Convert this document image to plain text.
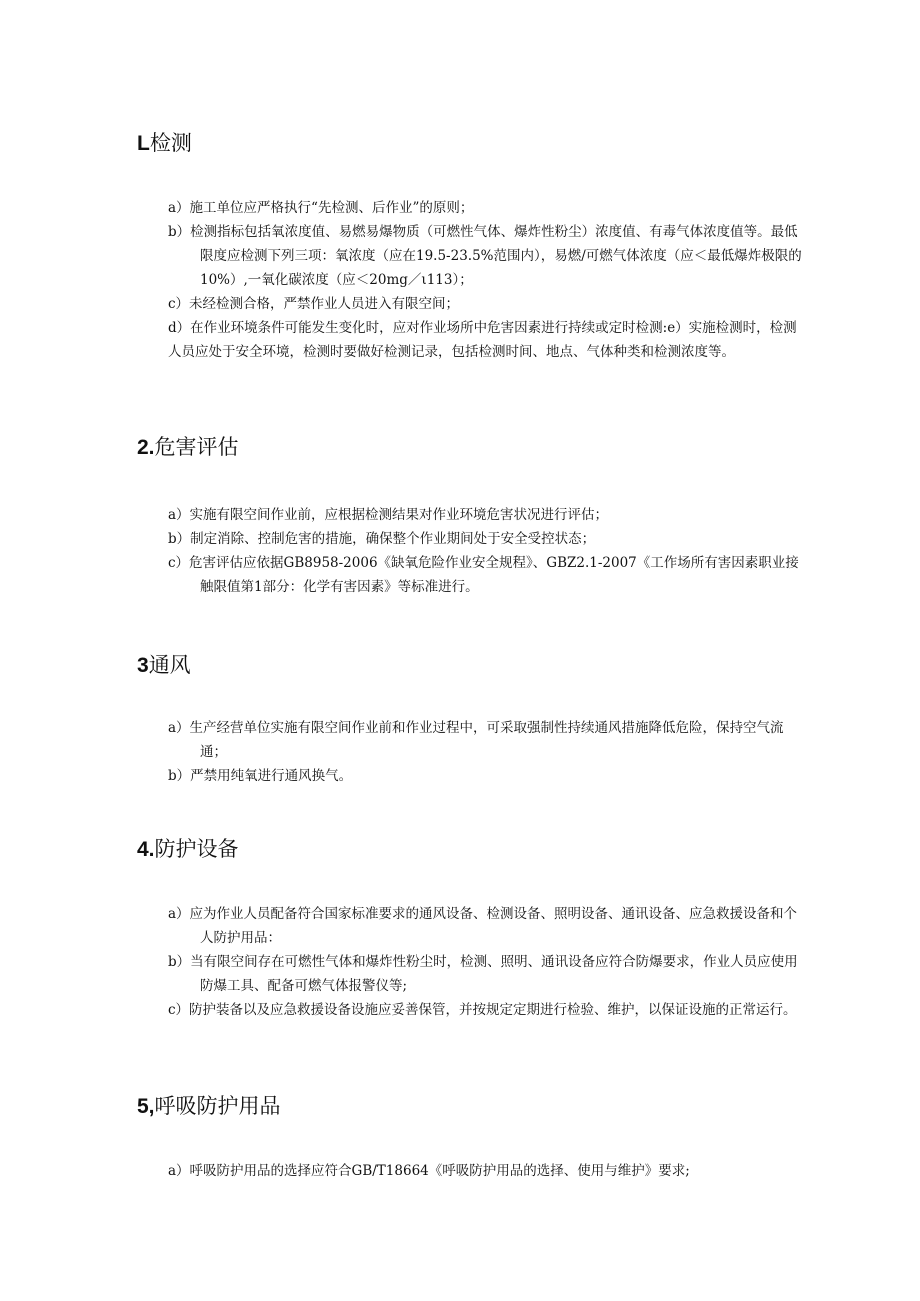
L检测
a）施工单位应严格执行“先检测、后作业”的原则；
b）检测指标包括氧浓度值、易燃易爆物质（可燃性气体、爆炸性粉尘）浓度值、有毒气体浓度值等。最低限度应检测下列三项：氧浓度（应在19.5-23.5%范围内），易燃/可燃气体浓度（应＜最低爆炸极限的10%）,一氧化碳浓度（应＜20mg／ι113）；
c）未经检测合格，严禁作业人员进入有限空间；
d）在作业环境条件可能发生变化时，应对作业场所中危害因素进行持续或定时检测:e）实施检测时，检测人员应处于安全环境，检测时要做好检测记录，包括检测时间、地点、气体种类和检测浓度等。
2.危害评估
a）实施有限空间作业前，应根据检测结果对作业环境危害状况进行评估；
b）制定消除、控制危害的措施，确保整个作业期间处于安全受控状态；
c）危害评估应依据GB8958-2006《缺氧危险作业安全规程》、GBZ2.1-2007《工作场所有害因素职业接触限值第1部分：化学有害因素》等标准进行。
3通风
a）生产经营单位实施有限空间作业前和作业过程中，可采取强制性持续通风措施降低危险，保持空气流通；
b）严禁用纯氧进行通风换气。
4.防护设备
a）应为作业人员配备符合国家标准要求的通风设备、检测设备、照明设备、通讯设备、应急救援设备和个人防护用品：
b）当有限空间存在可燃性气体和爆炸性粉尘时，检测、照明、通讯设备应符合防爆要求，作业人员应使用防爆工具、配备可燃气体报警仪等;
c）防护装备以及应急救援设备设施应妥善保管，并按规定定期进行检验、维护，以保证设施的正常运行。
5,呼吸防护用品
a）呼吸防护用品的选择应符合GB/T18664《呼吸防护用品的选择、使用与维护》要求;
